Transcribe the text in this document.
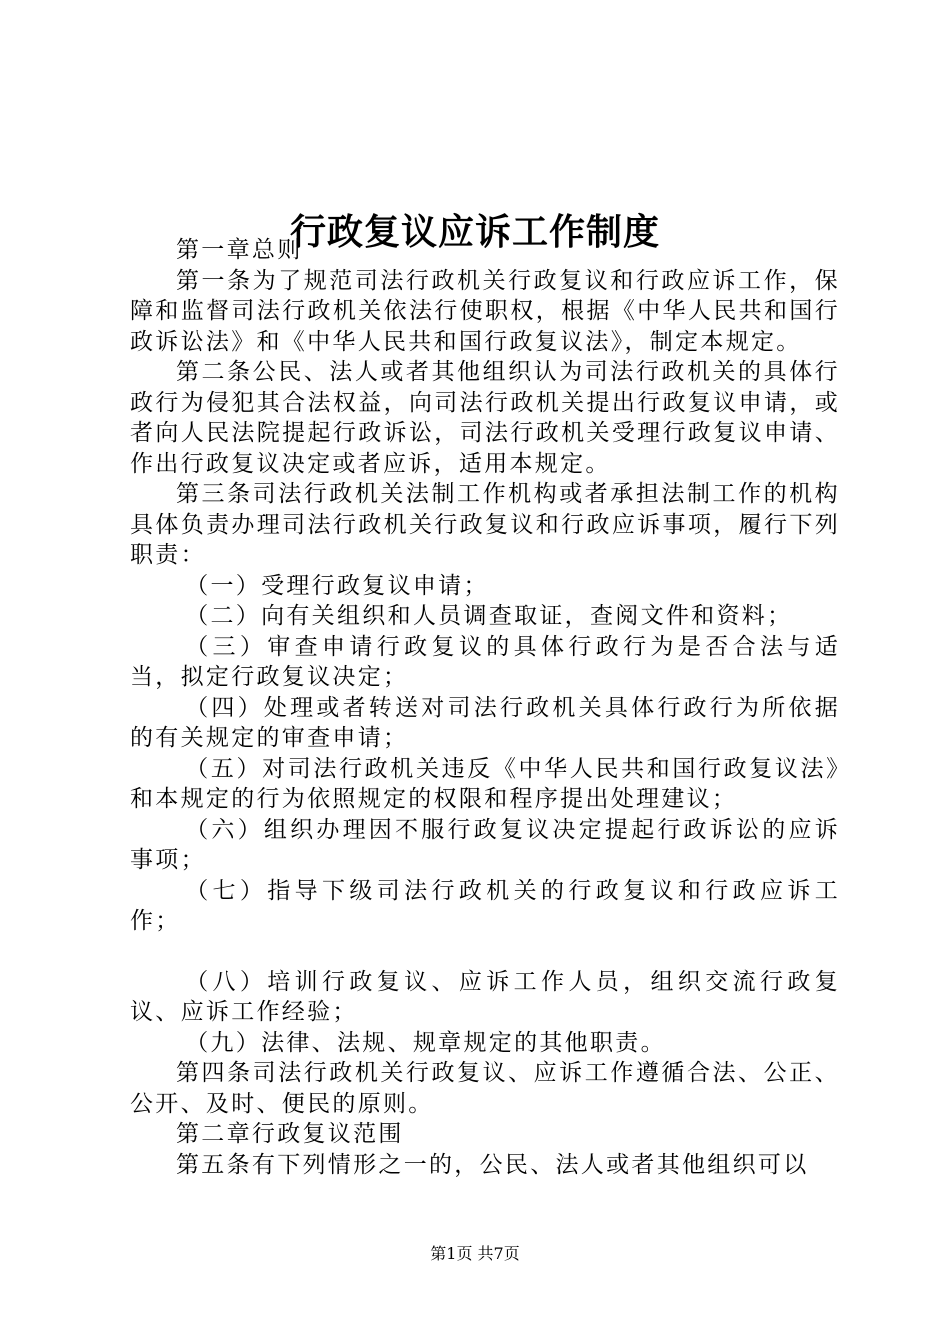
行政复议应诉工作制度

第一章总则

第一条为了规范司法行政机关行政复议和行政应诉工作，保障和监督司法行政机关依法行使职权，根据《中华人民共和国行政诉讼法》和《中华人民共和国行政复议法》，制定本规定。

第二条公民、法人或者其他组织认为司法行政机关的具体行政行为侵犯其合法权益，向司法行政机关提出行政复议申请，或者向人民法院提起行政诉讼，司法行政机关受理行政复议申请、作出行政复议决定或者应诉，适用本规定。

第三条司法行政机关法制工作机构或者承担法制工作的机构具体负责办理司法行政机关行政复议和行政应诉事项，履行下列职责：

（一）受理行政复议申请；

（二）向有关组织和人员调查取证，查阅文件和资料；

（三）审查申请行政复议的具体行政行为是否合法与适当，拟定行政复议决定；

（四）处理或者转送对司法行政机关具体行政行为所依据的有关规定的审查申请；

（五）对司法行政机关违反《中华人民共和国行政复议法》和本规定的行为依照规定的权限和程序提出处理建议；

（六）组织办理因不服行政复议决定提起行政诉讼的应诉事项；

（七）指导下级司法行政机关的行政复议和行政应诉工作；

（八）培训行政复议、应诉工作人员，组织交流行政复议、应诉工作经验；

（九）法律、法规、规章规定的其他职责。

第四条司法行政机关行政复议、应诉工作遵循合法、公正、公开、及时、便民的原则。

第二章行政复议范围

第五条有下列情形之一的，公民、法人或者其他组织可以

第1页 共7页
